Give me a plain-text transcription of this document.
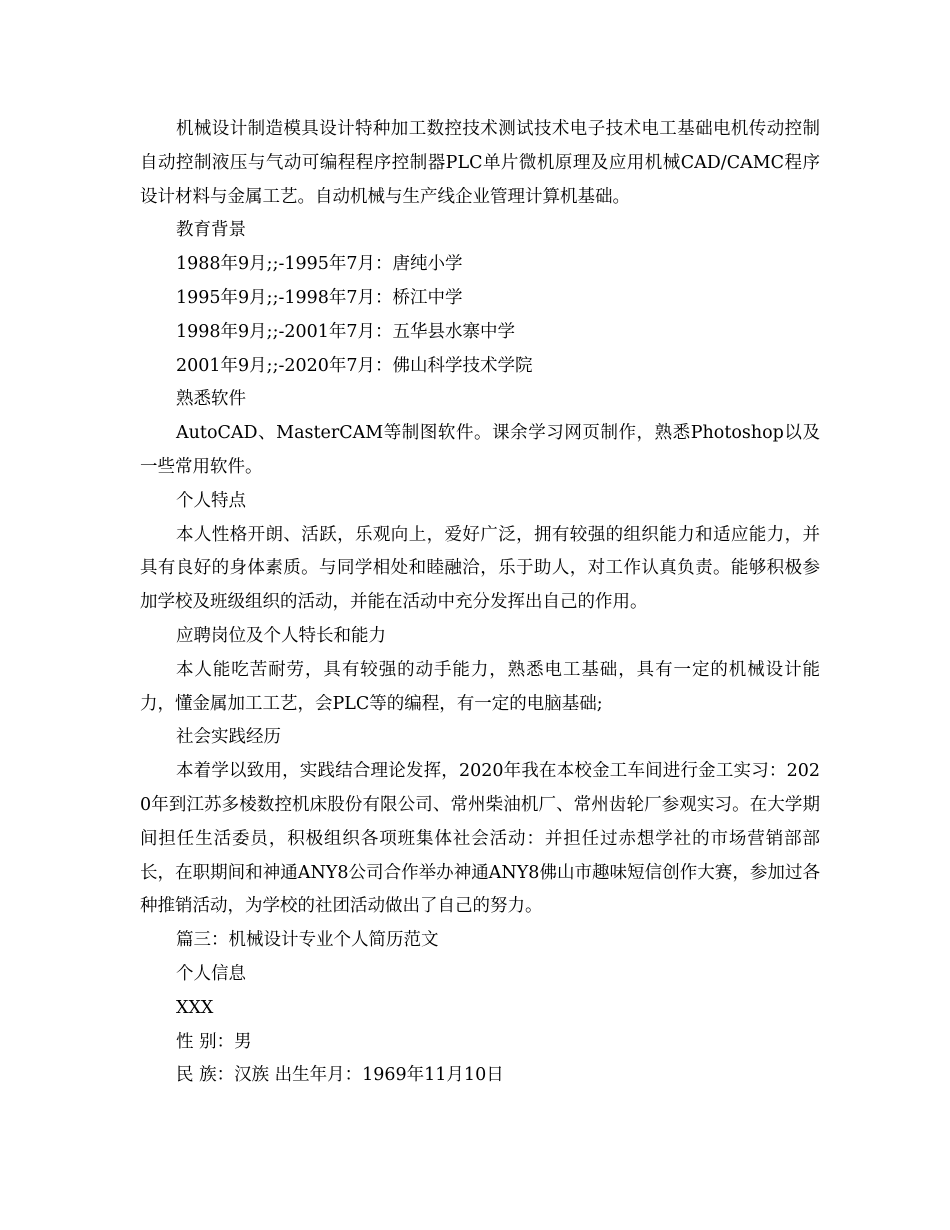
机械设计制造模具设计特种加工数控技术测试技术电子技术电工基础电机传动控制自动控制液压与气动可编程程序控制器PLC单片微机原理及应用机械CAD/CAMC程序设计材料与金属工艺。自动机械与生产线企业管理计算机基础。

教育背景

1988年9月;;-1995年7月：唐纯小学

1995年9月;;-1998年7月：桥江中学

1998年9月;;-2001年7月：五华县水寨中学

2001年9月;;-2020年7月：佛山科学技术学院

熟悉软件

AutoCAD、MasterCAM等制图软件。课余学习网页制作，熟悉Photoshop以及一些常用软件。

个人特点

本人性格开朗、活跃，乐观向上，爱好广泛，拥有较强的组织能力和适应能力，并具有良好的身体素质。与同学相处和睦融洽，乐于助人，对工作认真负责。能够积极参加学校及班级组织的活动，并能在活动中充分发挥出自己的作用。

应聘岗位及个人特长和能力

本人能吃苦耐劳，具有较强的动手能力，熟悉电工基础，具有一定的机械设计能力，懂金属加工工艺，会PLC等的编程，有一定的电脑基础;

社会实践经历

本着学以致用，实践结合理论发挥，2020年我在本校金工车间进行金工实习：2020年到江苏多棱数控机床股份有限公司、常州柴油机厂、常州齿轮厂参观实习。在大学期间担任生活委员，积极组织各项班集体社会活动：并担任过赤想学社的市场营销部部长，在职期间和神通ANY8公司合作举办神通ANY8佛山市趣味短信创作大赛，参加过各种推销活动，为学校的社团活动做出了自己的努力。

篇三：机械设计专业个人简历范文

个人信息

XXX

性 别：男

民 族：汉族 出生年月：1969年11月10日
